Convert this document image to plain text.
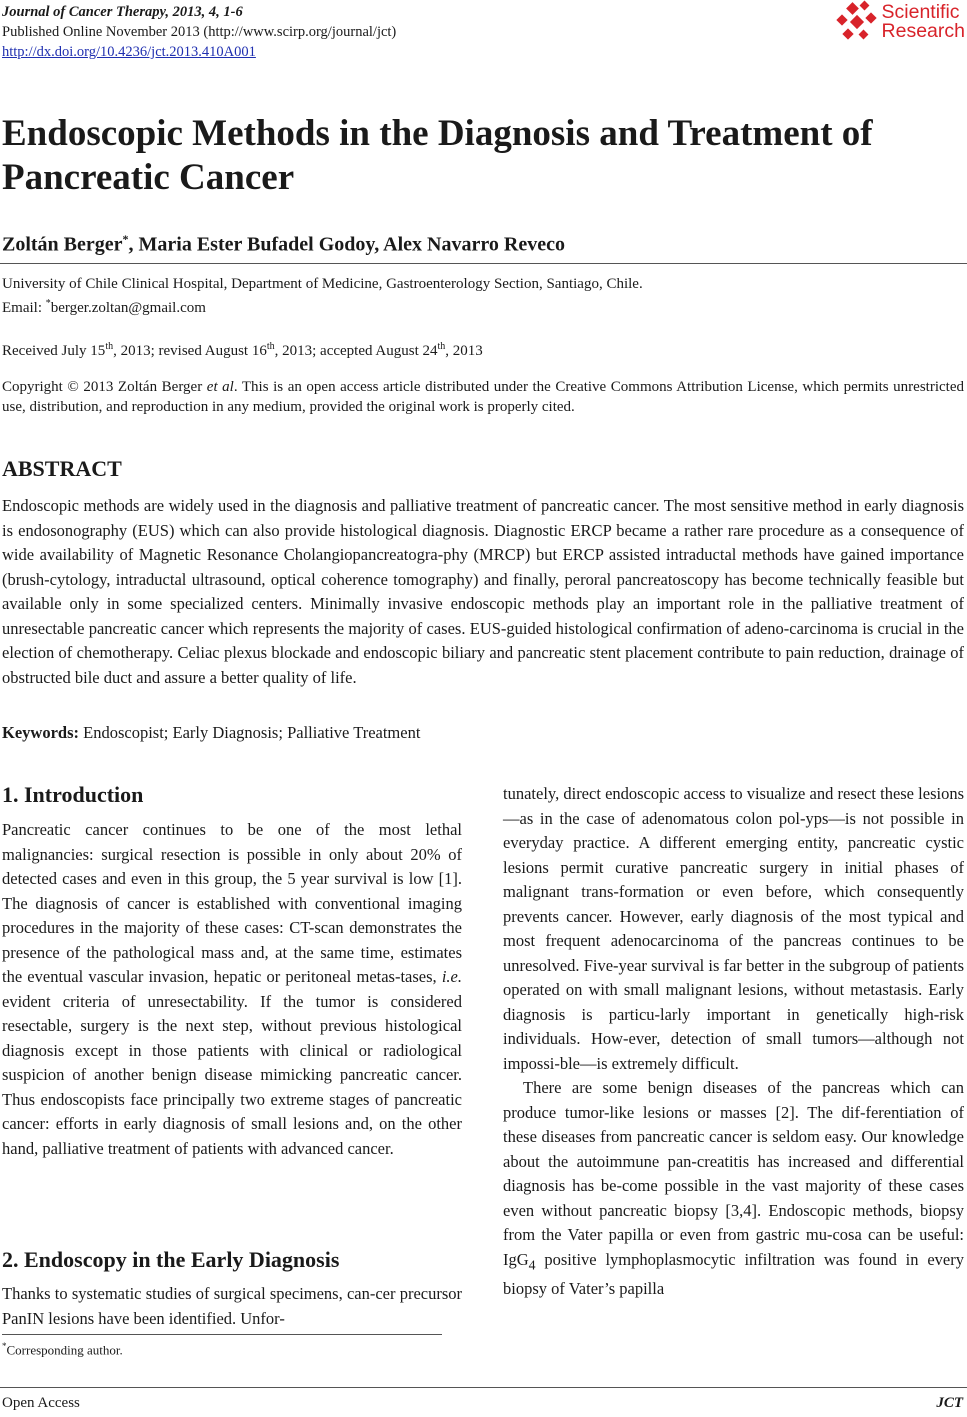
Journal of Cancer Therapy, 2013, 4, 1-6
Published Online November 2013 (http://www.scirp.org/journal/jct)
http://dx.doi.org/10.4236/jct.2013.410A001
Scientific
Research
Endoscopic Methods in the Diagnosis and Treatment of
Pancreatic Cancer
Zoltán Berger*, Maria Ester Bufadel Godoy, Alex Navarro Reveco
University of Chile Clinical Hospital, Department of Medicine, Gastroenterology Section, Santiago, Chile.
Email: *berger.zoltan@gmail.com
Received July 15th, 2013; revised August 16th, 2013; accepted August 24th, 2013
Copyright © 2013 Zoltán Berger et al. This is an open access article distributed under the Creative Commons Attribution License, which permits unrestricted use, distribution, and reproduction in any medium, provided the original work is properly cited.
ABSTRACT

Endoscopic methods are widely used in the diagnosis and palliative treatment of pancreatic cancer. The most sensitive method in early diagnosis is endosonography (EUS) which can also provide histological diagnosis. Diagnostic ERCP became a rather rare procedure as a consequence of wide availability of Magnetic Resonance Cholangiopancreatogra-phy (MRCP) but ERCP assisted intraductal methods have gained importance (brush-cytology, intraductal ultrasound, optical coherence tomography) and finally, peroral pancreatoscopy has become technically feasible but available only in some specialized centers. Minimally invasive endoscopic methods play an important role in the palliative treatment of unresectable pancreatic cancer which represents the majority of cases. EUS-guided histological confirmation of adeno-carcinoma is crucial in the election of chemotherapy. Celiac plexus blockade and endoscopic biliary and pancreatic stent placement contribute to pain reduction, drainage of obstructed bile duct and assure a better quality of life.

Keywords: Endoscopist; Early Diagnosis; Palliative Treatment
1. Introduction
Pancreatic cancer continues to be one of the most lethal malignancies: surgical resection is possible in only about 20% of detected cases and even in this group, the 5 year survival is low [1]. The diagnosis of cancer is established with conventional imaging procedures in the majority of these cases: CT-scan demonstrates the presence of the pathological mass and, at the same time, estimates the eventual vascular invasion, hepatic or peritoneal metas-tases, i.e. evident criteria of unresectability. If the tumor is considered resectable, surgery is the next step, without previous histological diagnosis except in those patients with clinical or radiological suspicion of another benign disease mimicking pancreatic cancer. Thus endoscopists face principally two extreme stages of pancreatic cancer: efforts in early diagnosis of small lesions and, on the other hand, palliative treatment of patients with advanced cancer.
2. Endoscopy in the Early Diagnosis
Thanks to systematic studies of surgical specimens, can-cer precursor PanIN lesions have been identified. Unfor-

tunately, direct endoscopic access to visualize and resect these lesions—as in the case of adenomatous colon pol-yps—is not possible in everyday practice. A different emerging entity, pancreatic cystic lesions permit curative pancreatic surgery in initial phases of malignant trans-formation or even before, which consequently prevents cancer. However, early diagnosis of the most typical and most frequent adenocarcinoma of the pancreas continues to be unresolved. Five-year survival is far better in the subgroup of patients operated on with small malignant lesions, without metastasis. Early diagnosis is particu-larly important in genetically high-risk individuals. How-ever, detection of small tumors—although not impossi-ble—is extremely difficult.

There are some benign diseases of the pancreas which can produce tumor-like lesions or masses [2]. The dif-ferentiation of these diseases from pancreatic cancer is seldom easy. Our knowledge about the autoimmune pan-creatitis has increased and differential diagnosis has be-come possible in the vast majority of these cases even without pancreatic biopsy [3,4]. Endoscopic methods, biopsy from the Vater papilla or even from gastric mu-cosa can be useful: IgG$_4$ positive lymphoplasmocytic infiltration was found in every biopsy of Vater’s papilla

*Corresponding author.
Open Access	JCT
